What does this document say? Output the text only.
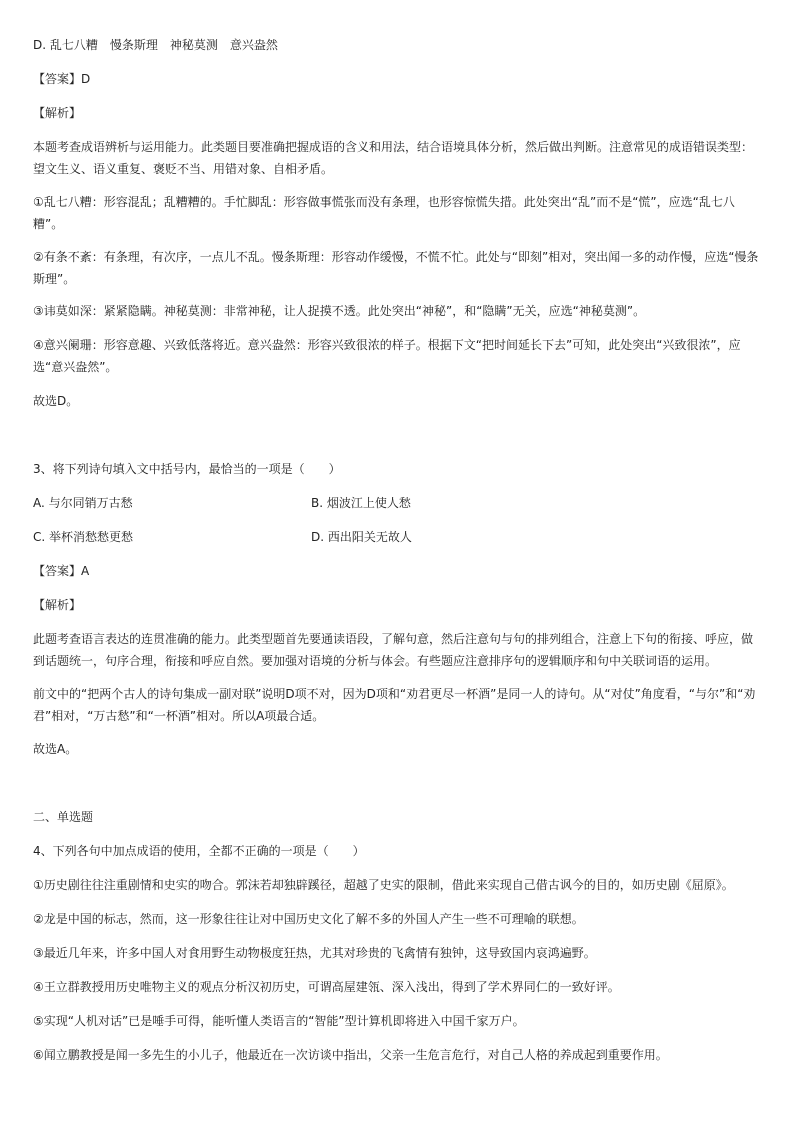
D. 乱七八糟　慢条斯理　神秘莫测　意兴盎然
【答案】D
【解析】
本题考查成语辨析与运用能力。此类题目要准确把握成语的含义和用法，结合语境具体分析，然后做出判断。注意常见的成语错误类型：望文生义、语义重复、褒贬不当、用错对象、自相矛盾。
①乱七八糟：形容混乱；乱糟糟的。手忙脚乱：形容做事慌张而没有条理，也形容惊慌失措。此处突出“乱”而不是“慌”，应选“乱七八糟”。
②有条不紊：有条理，有次序，一点儿不乱。慢条斯理：形容动作缓慢，不慌不忙。此处与“即刻”相对，突出闻一多的动作慢，应选“慢条斯理”。
③讳莫如深：紧紧隐瞒。神秘莫测：非常神秘，让人捉摸不透。此处突出“神秘”，和“隐瞒”无关，应选“神秘莫测”。
④意兴阑珊：形容意趣、兴致低落将近。意兴盎然：形容兴致很浓的样子。根据下文“把时间延长下去”可知，此处突出“兴致很浓”，应选“意兴盎然”。
故选D。
3、将下列诗句填入文中括号内，最恰当的一项是（　　）
A. 与尔同销万古愁	B. 烟波江上使人愁
C. 举杯消愁愁更愁	D. 西出阳关无故人
【答案】A
【解析】
此题考查语言表达的连贯准确的能力。此类型题首先要通读语段，了解句意，然后注意句与句的排列组合，注意上下句的衔接、呼应，做到话题统一，句序合理，衔接和呼应自然。要加强对语境的分析与体会。有些题应注意排序句的逻辑顺序和句中关联词语的运用。
前文中的“把两个古人的诗句集成一副对联”说明D项不对，因为D项和“劝君更尽一杯酒”是同一人的诗句。从“对仗”角度看，“与尔”和“劝君”相对，“万古愁”和“一杯酒”相对。所以A项最合适。
故选A。
二、单选题
4、下列各句中加点成语的使用，全都不正确的一项是（　　）
①历史剧往往注重剧情和史实的吻合。郭沫若却独辟蹊径，超越了史实的限制，借此来实现自己借古讽今的目的，如历史剧《屈原》。
②龙是中国的标志，然而，这一形象往往让对中国历史文化了解不多的外国人产生一些不可理喻的联想。
③最近几年来，许多中国人对食用野生动物极度狂热，尤其对珍贵的飞禽情有独钟，这导致国内哀鸿遍野。
④王立群教授用历史唯物主义的观点分析汉初历史，可谓高屋建瓴、深入浅出，得到了学术界同仁的一致好评。
⑤实现“人机对话”已是唾手可得，能听懂人类语言的“智能”型计算机即将进入中国千家万户。
⑥闻立鹏教授是闻一多先生的小儿子，他最近在一次访谈中指出，父亲一生危言危行，对自己人格的养成起到重要作用。
